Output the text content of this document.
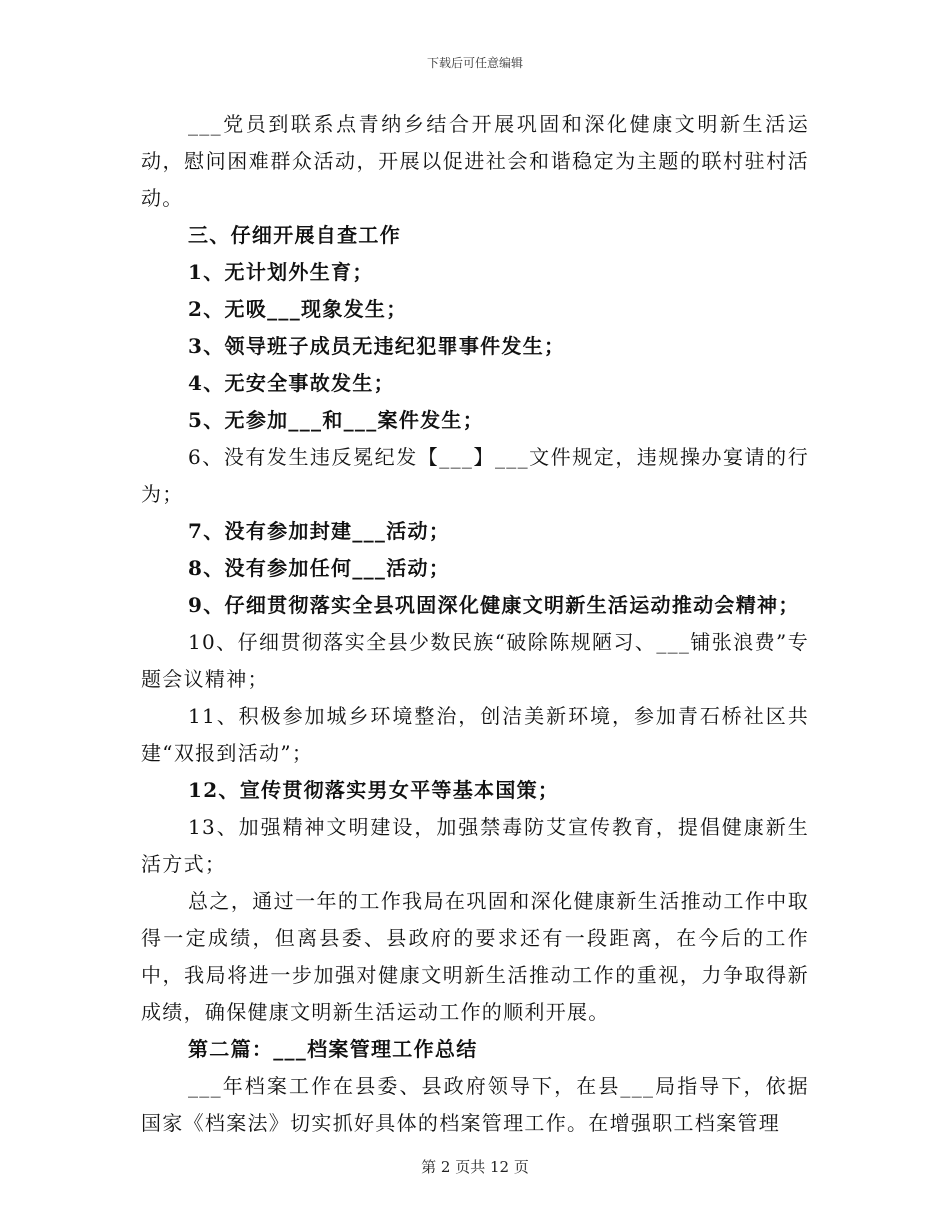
下载后可任意编辑

___党员到联系点青纳乡结合开展巩固和深化健康文明新生活运动，慰问困难群众活动，开展以促进社会和谐稳定为主题的联村驻村活动。

三、仔细开展自查工作

1、无计划外生育；

2、无吸___现象发生；

3、领导班子成员无违纪犯罪事件发生；

4、无安全事故发生；

5、无参加___和___案件发生；

6、没有发生违反冕纪发【___】___文件规定，违规操办宴请的行为；

7、没有参加封建___活动；

8、没有参加任何___活动；

9、仔细贯彻落实全县巩固深化健康文明新生活运动推动会精神；

10、仔细贯彻落实全县少数民族“破除陈规陋习、___铺张浪费”专题会议精神；

11、积极参加城乡环境整治，创洁美新环境，参加青石桥社区共建“双报到活动”；

12、宣传贯彻落实男女平等基本国策；

13、加强精神文明建设，加强禁毒防艾宣传教育，提倡健康新生活方式；

总之，通过一年的工作我局在巩固和深化健康新生活推动工作中取得一定成绩，但离县委、县政府的要求还有一段距离，在今后的工作中，我局将进一步加强对健康文明新生活推动工作的重视，力争取得新成绩，确保健康文明新生活运动工作的顺利开展。

第二篇：___档案管理工作总结

___年档案工作在县委、县政府领导下，在县___局指导下，依据国家《档案法》切实抓好具体的档案管理工作。在增强职工档案管理

第 2 页共 12 页
